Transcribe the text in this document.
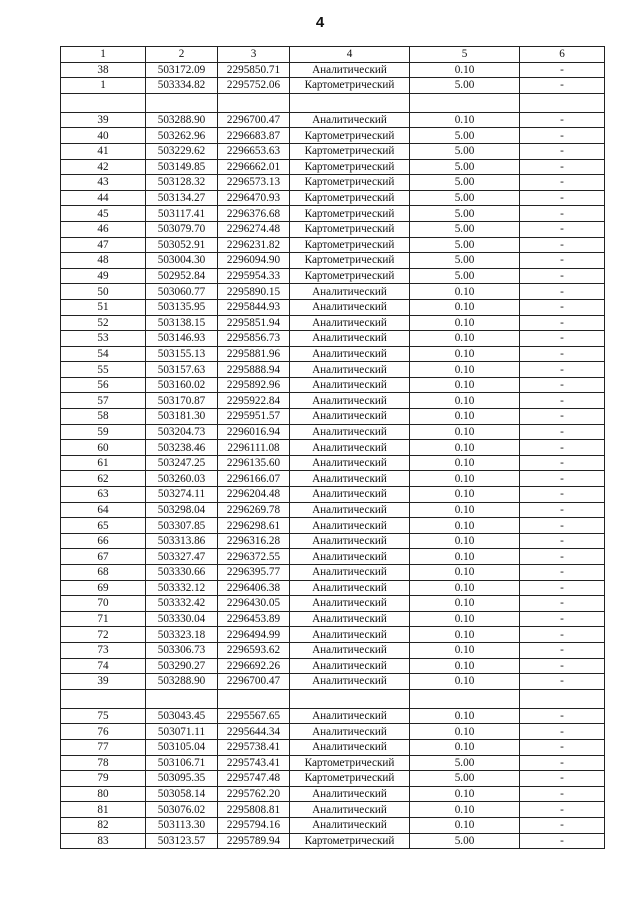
4
1	2	3	4	5	6
38	503172.09	2295850.71	Аналитический	0.10	-
1	503334.82	2295752.06	Картометрический	5.00	-

39	503288.90	2296700.47	Аналитический	0.10	-
40	503262.96	2296683.87	Картометрический	5.00	-
41	503229.62	2296653.63	Картометрический	5.00	-
42	503149.85	2296662.01	Картометрический	5.00	-
43	503128.32	2296573.13	Картометрический	5.00	-
44	503134.27	2296470.93	Картометрический	5.00	-
45	503117.41	2296376.68	Картометрический	5.00	-
46	503079.70	2296274.48	Картометрический	5.00	-
47	503052.91	2296231.82	Картометрический	5.00	-
48	503004.30	2296094.90	Картометрический	5.00	-
49	502952.84	2295954.33	Картометрический	5.00	-
50	503060.77	2295890.15	Аналитический	0.10	-
51	503135.95	2295844.93	Аналитический	0.10	-
52	503138.15	2295851.94	Аналитический	0.10	-
53	503146.93	2295856.73	Аналитический	0.10	-
54	503155.13	2295881.96	Аналитический	0.10	-
55	503157.63	2295888.94	Аналитический	0.10	-
56	503160.02	2295892.96	Аналитический	0.10	-
57	503170.87	2295922.84	Аналитический	0.10	-
58	503181.30	2295951.57	Аналитический	0.10	-
59	503204.73	2296016.94	Аналитический	0.10	-
60	503238.46	2296111.08	Аналитический	0.10	-
61	503247.25	2296135.60	Аналитический	0.10	-
62	503260.03	2296166.07	Аналитический	0.10	-
63	503274.11	2296204.48	Аналитический	0.10	-
64	503298.04	2296269.78	Аналитический	0.10	-
65	503307.85	2296298.61	Аналитический	0.10	-
66	503313.86	2296316.28	Аналитический	0.10	-
67	503327.47	2296372.55	Аналитический	0.10	-
68	503330.66	2296395.77	Аналитический	0.10	-
69	503332.12	2296406.38	Аналитический	0.10	-
70	503332.42	2296430.05	Аналитический	0.10	-
71	503330.04	2296453.89	Аналитический	0.10	-
72	503323.18	2296494.99	Аналитический	0.10	-
73	503306.73	2296593.62	Аналитический	0.10	-
74	503290.27	2296692.26	Аналитический	0.10	-
39	503288.90	2296700.47	Аналитический	0.10	-

75	503043.45	2295567.65	Аналитический	0.10	-
76	503071.11	2295644.34	Аналитический	0.10	-
77	503105.04	2295738.41	Аналитический	0.10	-
78	503106.71	2295743.41	Картометрический	5.00	-
79	503095.35	2295747.48	Картометрический	5.00	-
80	503058.14	2295762.20	Аналитический	0.10	-
81	503076.02	2295808.81	Аналитический	0.10	-
82	503113.30	2295794.16	Аналитический	0.10	-
83	503123.57	2295789.94	Картометрический	5.00	-
